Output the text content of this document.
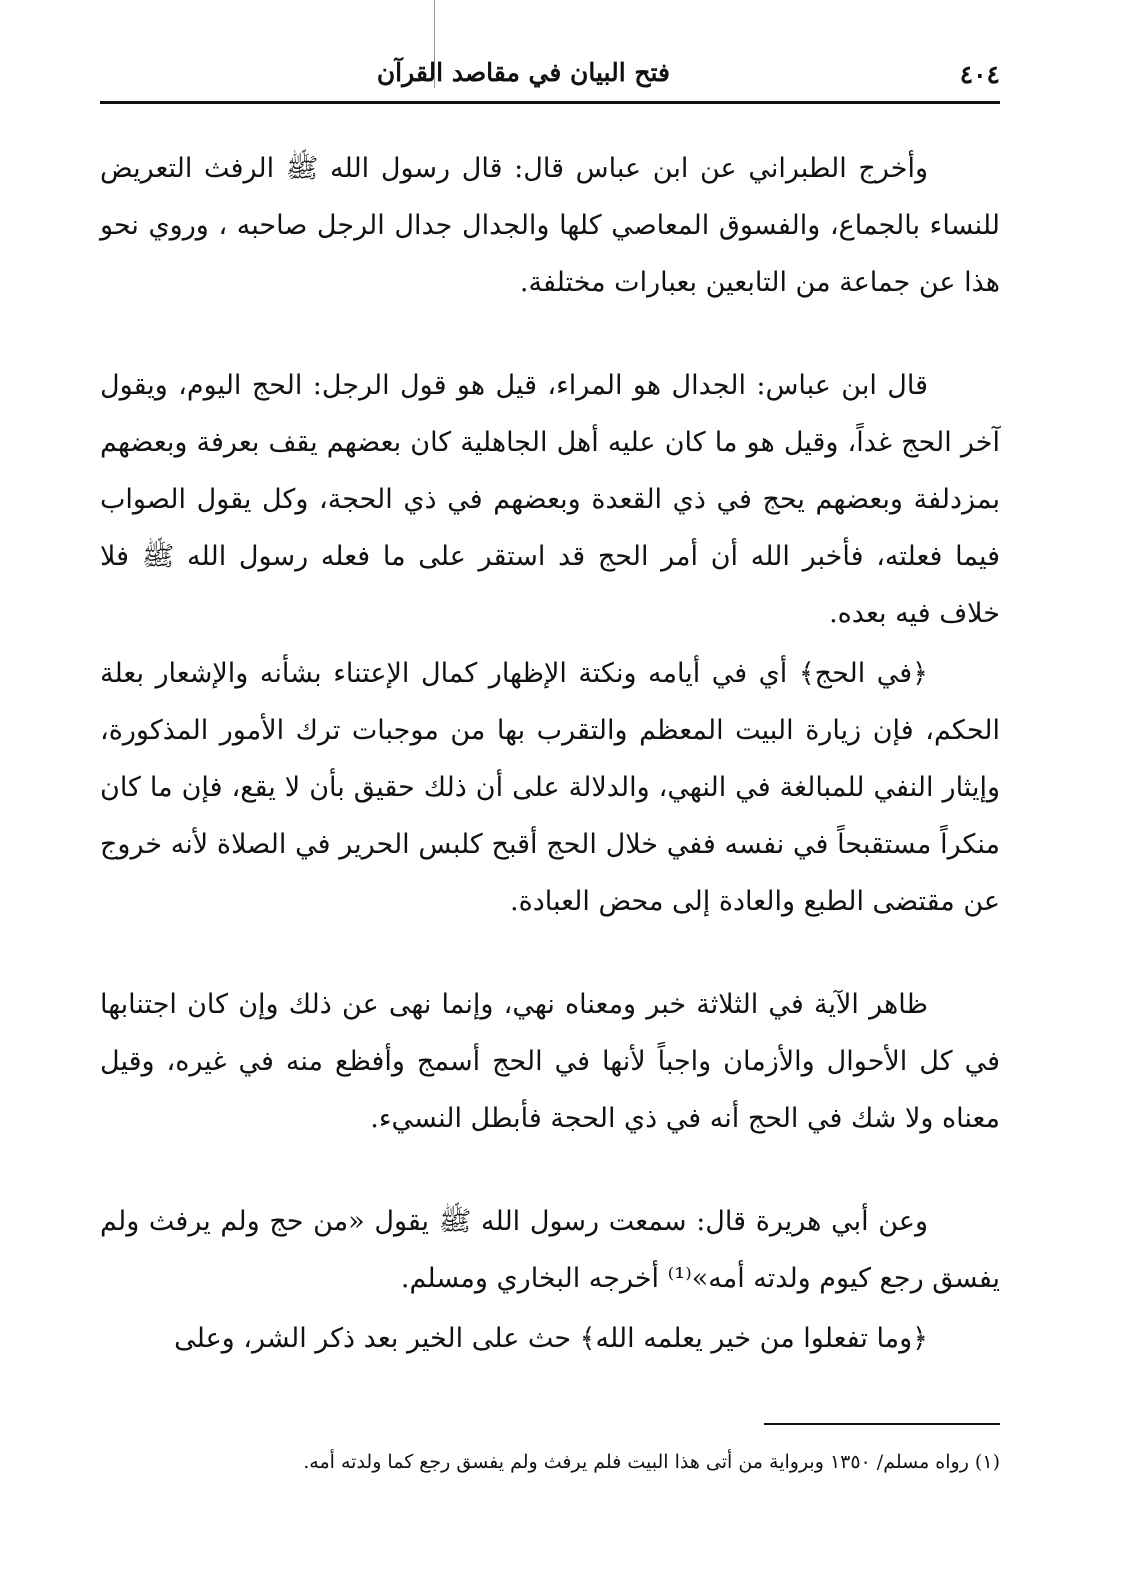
فتح البيان في مقاصد القرآن	٤٠٤

وأخرج الطبراني عن ابن عباس قال: قال رسول الله ﷺ الرفث التعريض للنساء بالجماع، والفسوق المعاصي كلها والجدال جدال الرجل صاحبه ، وروي نحو هذا عن جماعة من التابعين بعبارات مختلفة.

قال ابن عباس: الجدال هو المراء، قيل هو قول الرجل: الحج اليوم، ويقول آخر الحج غداً، وقيل هو ما كان عليه أهل الجاهلية كان بعضهم يقف بعرفة وبعضهم بمزدلفة وبعضهم يحج في ذي القعدة وبعضهم في ذي الحجة، وكل يقول الصواب فيما فعلته، فأخبر الله أن أمر الحج قد استقر على ما فعله رسول الله ﷺ فلا خلاف فيه بعده.

﴿في الحج﴾ أي في أيامه ونكتة الإظهار كمال الإعتناء بشأنه والإشعار بعلة الحكم، فإن زيارة البيت المعظم والتقرب بها من موجبات ترك الأمور المذكورة، وإيثار النفي للمبالغة في النهي، والدلالة على أن ذلك حقيق بأن لا يقع، فإن ما كان منكراً مستقبحاً في نفسه ففي خلال الحج أقبح كلبس الحرير في الصلاة لأنه خروج عن مقتضى الطبع والعادة إلى محض العبادة.

ظاهر الآية في الثلاثة خبر ومعناه نهي، وإنما نهى عن ذلك وإن كان اجتنابها في كل الأحوال والأزمان واجباً لأنها في الحج أسمج وأفظع منه في غيره، وقيل معناه ولا شك في الحج أنه في ذي الحجة فأبطل النسيء.

وعن أبي هريرة قال: سمعت رسول الله ﷺ يقول «من حج ولم يرفث ولم يفسق رجع كيوم ولدته أمه»⁽¹⁾ أخرجه البخاري ومسلم.

﴿وما تفعلوا من خير يعلمه الله﴾ حث على الخير بعد ذكر الشر، وعلى

(١) رواه مسلم/ ١٣٥٠ وبرواية من أتى هذا البيت فلم يرفث ولم يفسق رجع كما ولدته أمه.
